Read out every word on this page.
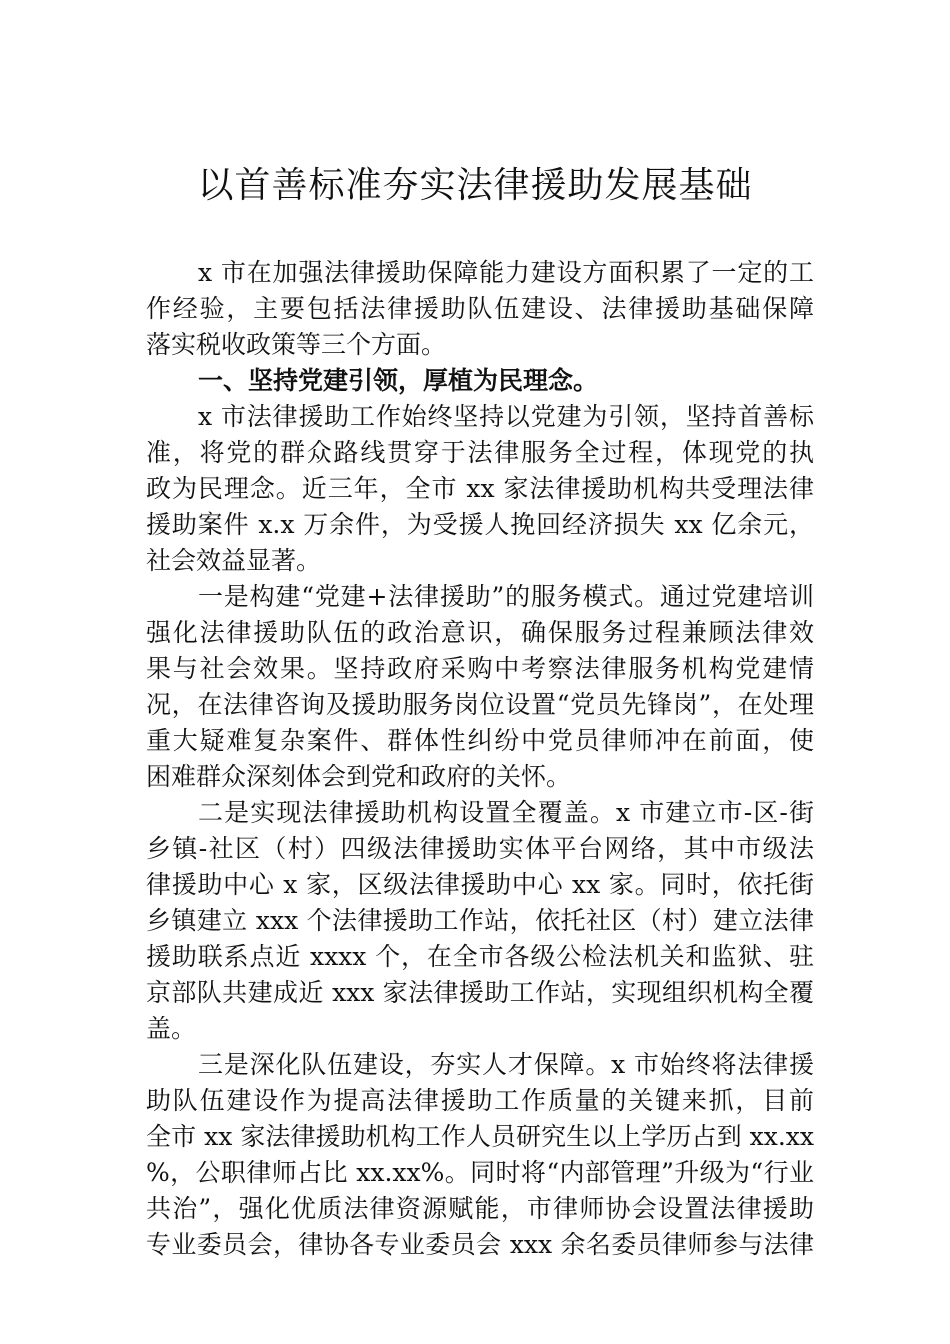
以首善标准夯实法律援助发展基础
x 市在加强法律援助保障能力建设方面积累了一定的工
作经验，主要包括法律援助队伍建设、法律援助基础保障
落实税收政策等三个方面。
一、坚持党建引领，厚植为民理念。
x 市法律援助工作始终坚持以党建为引领，坚持首善标
准，将党的群众路线贯穿于法律服务全过程，体现党的执
政为民理念。近三年，全市 xx 家法律援助机构共受理法律
援助案件 x.x 万余件，为受援人挽回经济损失 xx 亿余元，
社会效益显著。
一是构建“党建+法律援助”的服务模式。通过党建培训
强化法律援助队伍的政治意识，确保服务过程兼顾法律效
果与社会效果。坚持政府采购中考察法律服务机构党建情
况，在法律咨询及援助服务岗位设置“党员先锋岗”，在处理
重大疑难复杂案件、群体性纠纷中党员律师冲在前面，使
困难群众深刻体会到党和政府的关怀。
二是实现法律援助机构设置全覆盖。x 市建立市-区-街
乡镇-社区（村）四级法律援助实体平台网络，其中市级法
律援助中心 x 家，区级法律援助中心 xx 家。同时，依托街
乡镇建立 xxx 个法律援助工作站，依托社区（村）建立法律
援助联系点近 xxxx 个，在全市各级公检法机关和监狱、驻
京部队共建成近 xxx 家法律援助工作站，实现组织机构全覆
盖。
三是深化队伍建设，夯实人才保障。x 市始终将法律援
助队伍建设作为提高法律援助工作质量的关键来抓，目前
全市 xx 家法律援助机构工作人员研究生以上学历占到 xx.xx
%，公职律师占比 xx.xx%。同时将“内部管理”升级为“行业
共治”，强化优质法律资源赋能，市律师协会设置法律援助
专业委员会，律协各专业委员会 xxx 余名委员律师参与法律
